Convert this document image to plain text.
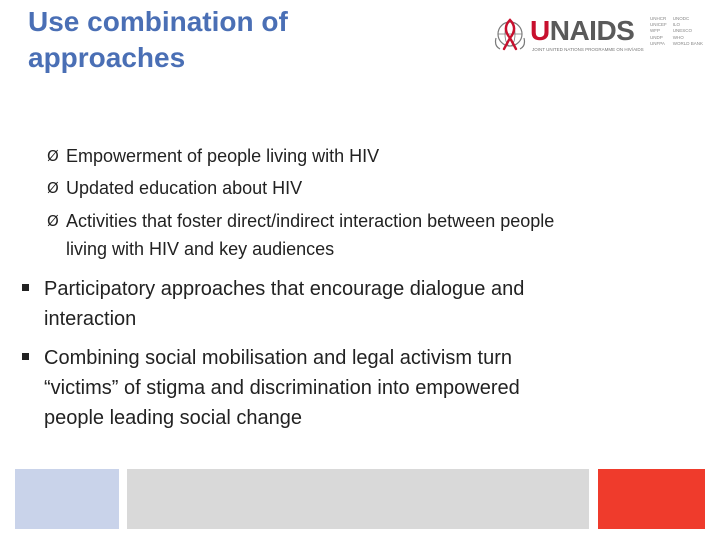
Use combination of
approaches
UNAIDS
JOINT UNITED NATIONS PROGRAMME ON HIV/AIDS
UNHCR
UNICEF
WFP
UNDP
UNFPA
UNODC
ILO
UNESCO
WHO
WORLD BANK
Ø Empowerment of people living with HIV
Ø Updated education about HIV
Ø Activities that foster direct/indirect interaction between people
living with HIV and key audiences
Participatory approaches that encourage dialogue and
interaction
Combining social mobilisation and legal activism turn
“victims” of stigma and discrimination into empowered
people leading social change
